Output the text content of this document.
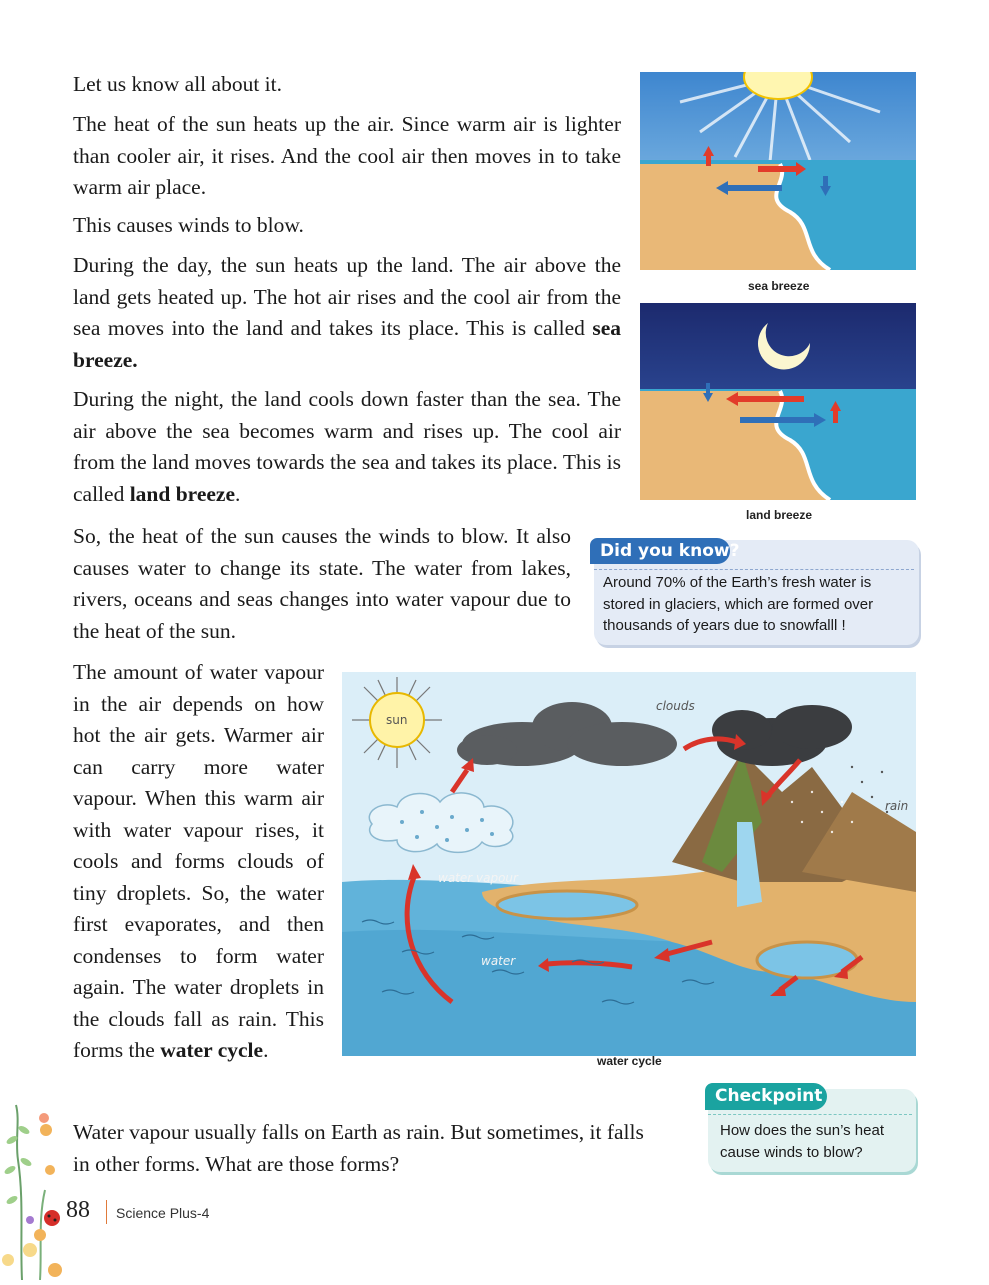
Let us know all about it.

The heat of the sun heats up the air. Since warm air is lighter than cooler air, it rises. And the cool air then moves in to take warm air place.

This causes winds to blow.

During the day, the sun heats up the land. The air above the land gets heated up. The hot air rises and the cool air from the sea moves into the land and takes its place. This is called sea breeze.

During the night, the land cools down faster than the sea. The air above the sea becomes warm and rises up. The cool air from the land moves towards the sea and takes its place. This is called land breeze.

So, the heat of the sun causes the winds to blow. It also causes water to change its state. The water from lakes, rivers, oceans and seas changes into water vapour due to the heat of the sun.

The amount of water vapour in the air depends on how hot the air gets. Warmer air can carry more water vapour. When this warm air with water vapour rises, it cools and forms clouds of tiny droplets. So, the water first evaporates, and then condenses to form water again. The water droplets in the clouds fall as rain. This forms the water cycle.

Water vapour usually falls on Earth as rain. But sometimes, it falls in other forms. What are those forms?

sea breeze
land breeze
Did you know?
Around 70% of the Earth’s fresh water is stored in glaciers, which are formed over thousands of years due to snowfalll !
sun
clouds
rain
water vapour
water
water cycle
Checkpoint
How does the sun’s heat cause winds to blow?
88 Science Plus-4
